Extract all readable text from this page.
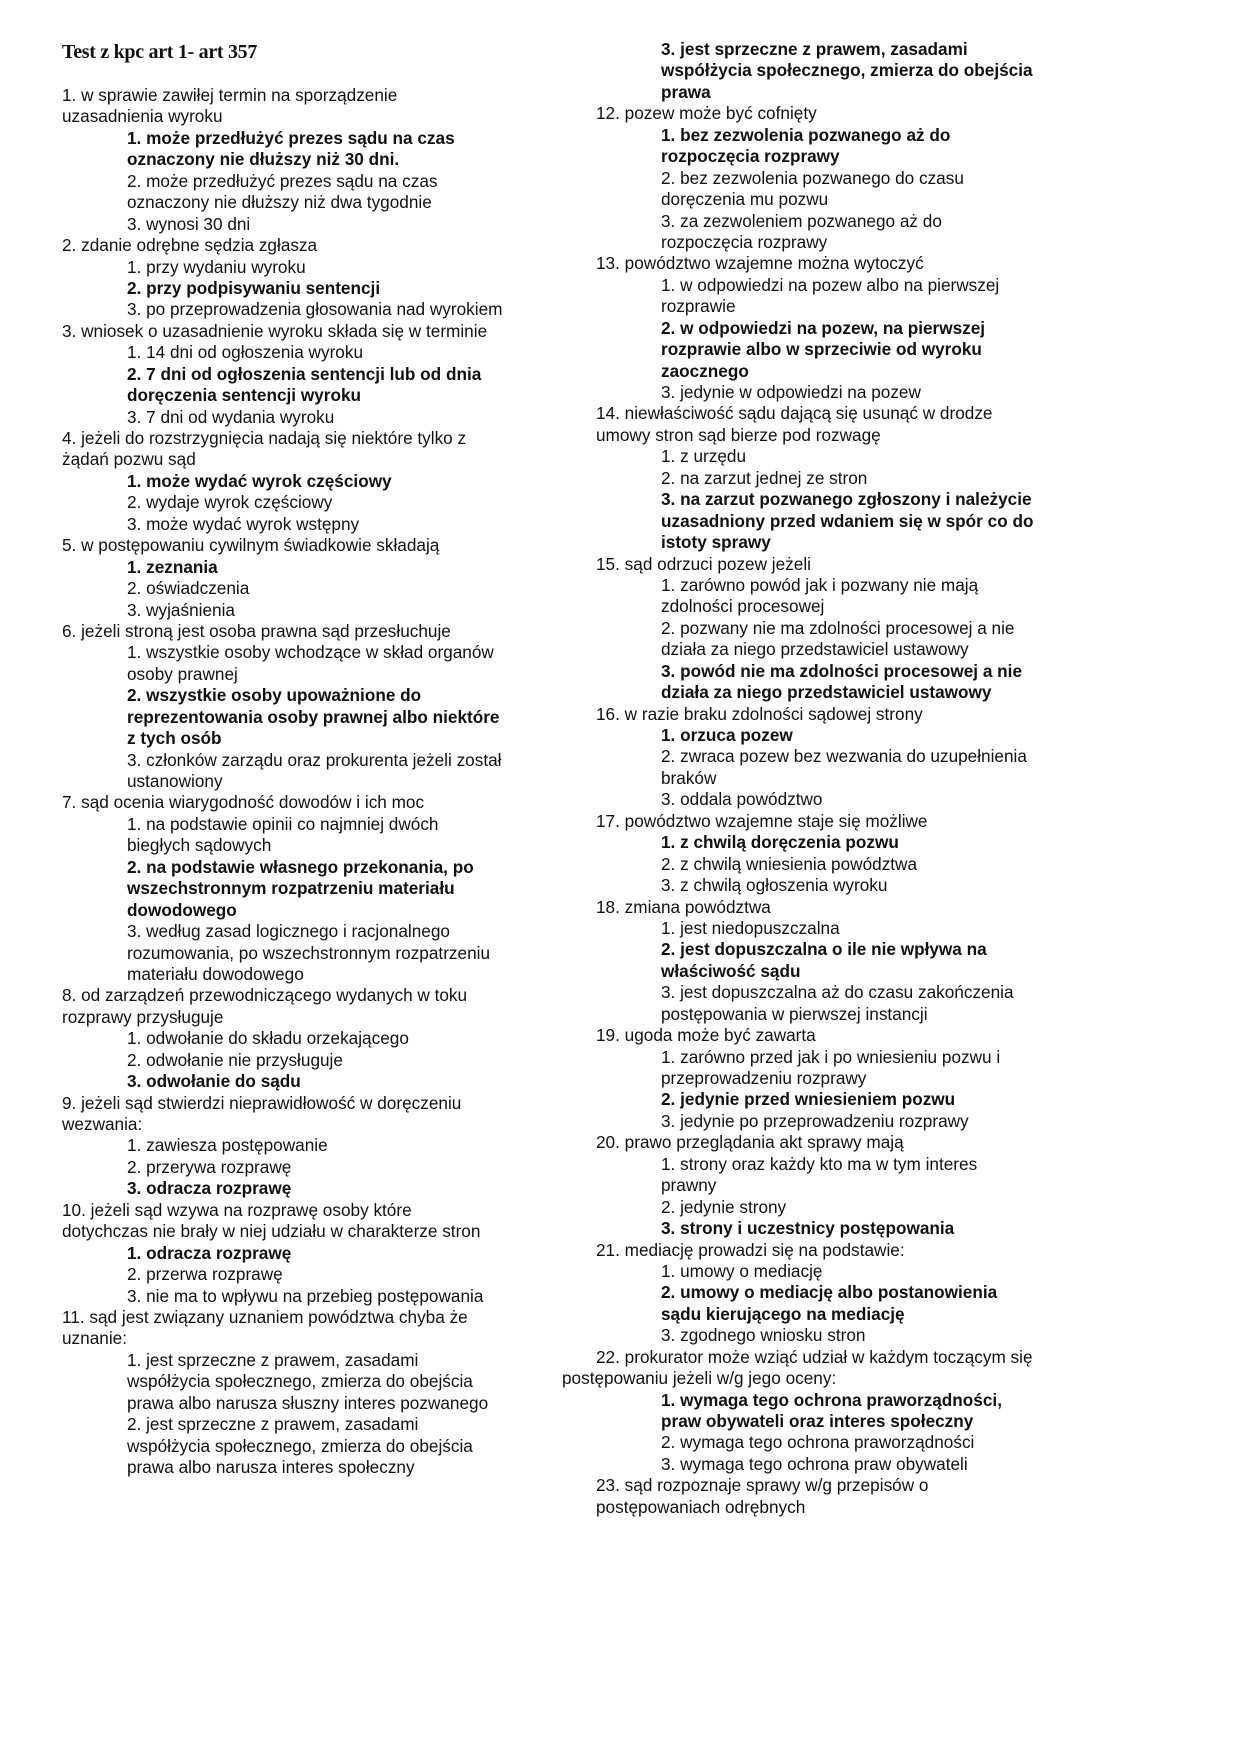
Test z kpc art 1- art 357
1. w sprawie zawiłej termin na sporządzenie
uzasadnienia wyroku
1. może przedłużyć prezes sądu na czas
oznaczony nie dłuższy niż 30 dni.
2. może przedłużyć prezes sądu na czas
oznaczony nie dłuższy niż dwa tygodnie
3. wynosi 30 dni
2. zdanie odrębne sędzia zgłasza
1. przy wydaniu wyroku
2. przy podpisywaniu sentencji
3. po przeprowadzenia głosowania nad wyrokiem
3. wniosek o uzasadnienie wyroku składa się w terminie
1. 14 dni od ogłoszenia wyroku
2. 7 dni od ogłoszenia sentencji lub od dnia
doręczenia sentencji wyroku
3. 7 dni od wydania wyroku
4. jeżeli do rozstrzygnięcia nadają się niektóre tylko z
żądań pozwu sąd
1. może wydać wyrok częściowy
2. wydaje wyrok częściowy
3. może wydać wyrok wstępny
5. w postępowaniu cywilnym świadkowie składają
1. zeznania
2. oświadczenia
3. wyjaśnienia
6. jeżeli stroną jest osoba prawna sąd przesłuchuje
1. wszystkie osoby wchodzące w skład organów
osoby prawnej
2. wszystkie osoby upoważnione do
reprezentowania osoby prawnej albo niektóre
z tych osób
3. członków zarządu oraz prokurenta jeżeli został
ustanowiony
7. sąd ocenia wiarygodność dowodów i ich moc
1. na podstawie opinii co najmniej dwóch
biegłych sądowych
2. na podstawie własnego przekonania, po
wszechstronnym rozpatrzeniu materiału
dowodowego
3. według zasad logicznego i racjonalnego
rozumowania, po wszechstronnym rozpatrzeniu
materiału dowodowego
8. od zarządzeń przewodniczącego wydanych w toku
rozprawy przysługuje
1. odwołanie do składu orzekającego
2. odwołanie nie przysługuje
3. odwołanie do sądu
9. jeżeli sąd stwierdzi nieprawidłowość w doręczeniu
wezwania:
1. zawiesza postępowanie
2. przerywa rozprawę
3. odracza rozprawę
10. jeżeli sąd wzywa na rozprawę osoby które
dotychczas nie brały w niej udziału w charakterze stron
1. odracza rozprawę
2. przerwa rozprawę
3. nie ma to wpływu na przebieg postępowania
11. sąd jest związany uznaniem powództwa chyba że
uznanie:
1. jest sprzeczne z prawem, zasadami
współżycia społecznego, zmierza do obejścia
prawa albo narusza słuszny interes pozwanego
2. jest sprzeczne z prawem, zasadami
współżycia społecznego, zmierza do obejścia
prawa albo narusza interes społeczny
3. jest sprzeczne z prawem, zasadami
współżycia społecznego, zmierza do obejścia
prawa
12. pozew może być cofnięty
1. bez zezwolenia pozwanego aż do
rozpoczęcia rozprawy
2. bez zezwolenia pozwanego do czasu
doręczenia mu pozwu
3. za zezwoleniem pozwanego aż do
rozpoczęcia rozprawy
13. powództwo wzajemne można wytoczyć
1. w odpowiedzi na pozew albo na pierwszej
rozprawie
2. w odpowiedzi na pozew, na pierwszej
rozprawie albo w sprzeciwie od wyroku
zaocznego
3. jedynie w odpowiedzi na pozew
14. niewłaściwość sądu dającą się usunąć w drodze
umowy stron sąd bierze pod rozwagę
1. z urzędu
2. na zarzut jednej ze stron
3. na zarzut pozwanego zgłoszony i należycie
uzasadniony przed wdaniem się w spór co do
istoty sprawy
15. sąd odrzuci pozew jeżeli
1. zarówno powód jak i pozwany nie mają
zdolności procesowej
2. pozwany nie ma zdolności procesowej a nie
działa za niego przedstawiciel ustawowy
3. powód nie ma zdolności procesowej a nie
działa za niego przedstawiciel ustawowy
16. w razie braku zdolności sądowej strony
1. orzuca pozew
2. zwraca pozew bez wezwania do uzupełnienia
braków
3. oddala powództwo
17. powództwo wzajemne staje się możliwe
1. z chwilą doręczenia pozwu
2. z chwilą wniesienia powództwa
3. z chwilą ogłoszenia wyroku
18. zmiana powództwa
1. jest niedopuszczalna
2. jest dopuszczalna o ile nie wpływa na
właściwość sądu
3. jest dopuszczalna aż do czasu zakończenia
postępowania w pierwszej instancji
19. ugoda może być zawarta
1. zarówno przed jak i po wniesieniu pozwu i
przeprowadzeniu rozprawy
2. jedynie przed wniesieniem pozwu
3. jedynie po przeprowadzeniu rozprawy
20. prawo przeglądania akt sprawy mają
1. strony oraz każdy kto ma w tym interes
prawny
2. jedynie strony
3. strony i uczestnicy postępowania
21. mediację prowadzi się na podstawie:
1. umowy o mediację
2. umowy o mediację albo postanowienia
sądu kierującego na mediację
3. zgodnego wniosku stron
22. prokurator może wziąć udział w każdym toczącym się
postępowaniu jeżeli w/g jego oceny:
1. wymaga tego ochrona praworządności,
praw obywateli oraz interes społeczny
2. wymaga tego ochrona praworządności
3. wymaga tego ochrona praw obywateli
23. sąd rozpoznaje sprawy w/g przepisów o
postępowaniach odrębnych
